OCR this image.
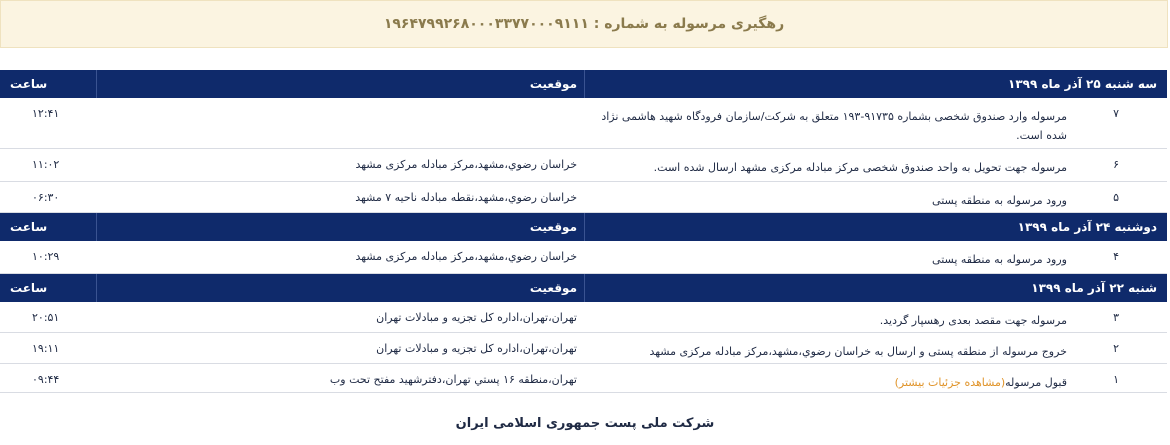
رهگیری مرسوله به شماره : ۱۹۶۴۷۹۹۲۶۸۰۰۰۳۳۷۷۰۰۰۹۱۱۱
سه شنبه ۲۵ آذر ماه ۱۳۹۹
موقعیت
ساعت
۷
مرسوله وارد صندوق شخصی بشماره ۹۱۷۳۵-۱۹۳ متعلق به شرکت/سازمان فرودگاه شهید هاشمی نژاد شده است.
۱۲:۴۱
۶
مرسوله جهت تحویل به واحد صندوق شخصی مرکز مبادله مرکزی مشهد ارسال شده است.
خراسان رضوي،مشهد،مرکز مبادله مرکزی مشهد
۱۱:۰۲
۵
ورود مرسوله به منطقه پستی
خراسان رضوي،مشهد،نقطه مبادله ناحیه ۷ مشهد
۰۶:۳۰
دوشنبه ۲۴ آذر ماه ۱۳۹۹
موقعیت
ساعت
۴
ورود مرسوله به منطقه پستی
خراسان رضوي،مشهد،مرکز مبادله مرکزی مشهد
۱۰:۲۹
شنبه ۲۲ آذر ماه ۱۳۹۹
موقعیت
ساعت
۳
مرسوله جهت مقصد بعدی رهسپار گردید.
تهران،تهران،اداره کل تجزیه و مبادلات تهران
۲۰:۵۱
۲
خروج مرسوله از منطقه پستی و ارسال به خراسان رضوي،مشهد،مرکز مبادله مرکزی مشهد
تهران،تهران،اداره کل تجزیه و مبادلات تهران
۱۹:۱۱
۱
قبول مرسوله(مشاهده جزئیات بیشتر)
تهران،منطقه ۱۶ پستي تهران،دفترشهید مفتح تحت وب
۰۹:۴۴
شرکت ملی پست جمهوری اسلامی ایران
